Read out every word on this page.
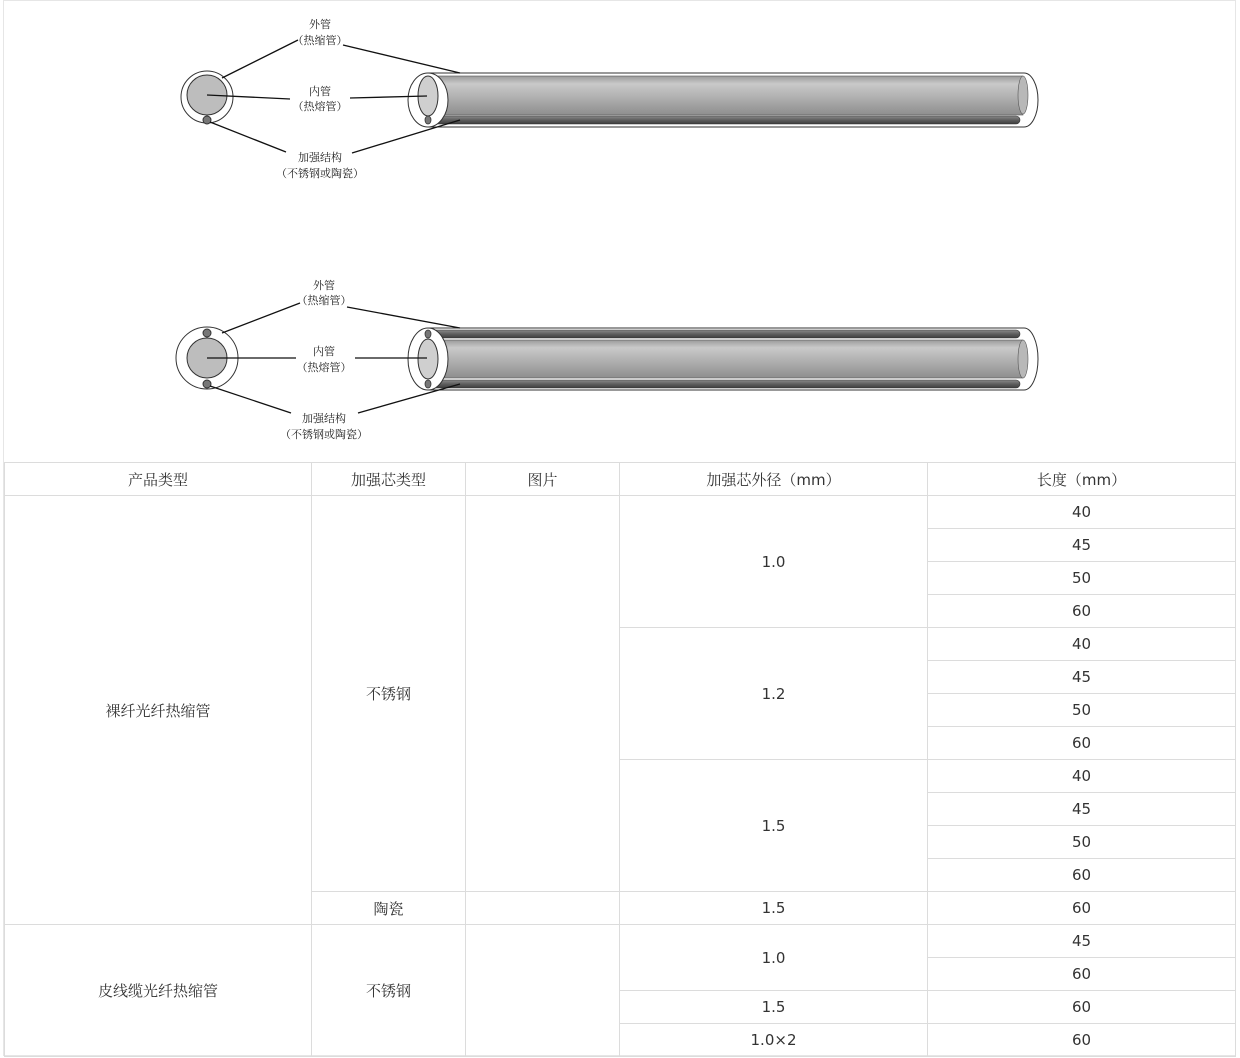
外管
（热缩管）
内管
（热熔管）
加强结构
（不锈钢或陶瓷）
外管
（热缩管）
内管
（热熔管）
加强结构
（不锈钢或陶瓷）
产品类型	加强芯类型	图片	加强芯外径（mm）	长度（mm）
裸纤光纤热缩管	不锈钢		1.0	40
				45
				50
				60
			1.2	40
				45
				50
				60
			1.5	40
				45
				50
				60
	陶瓷		1.5	60
皮线缆光纤热缩管	不锈钢		1.0	45
				60
			1.5	60
			1.0×2	60
